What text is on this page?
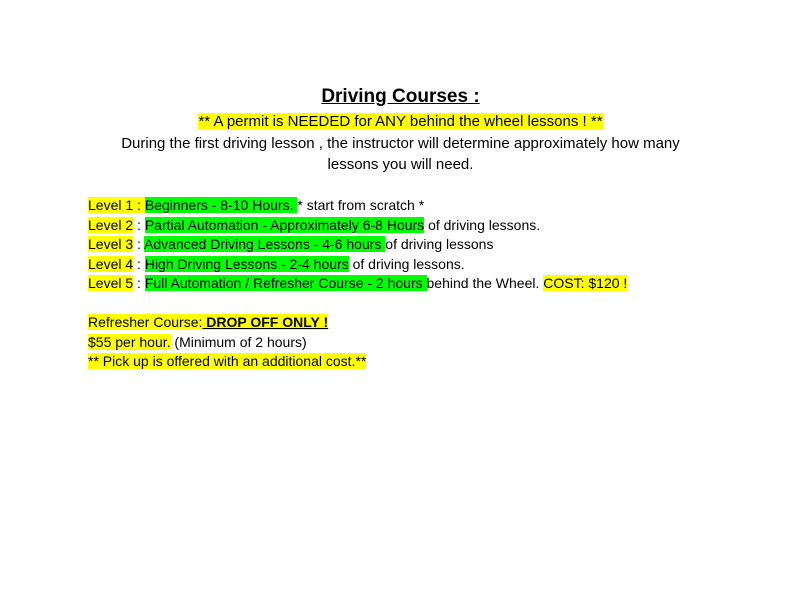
Driving Courses :
** A permit is NEEDED for ANY behind the wheel lessons ! **
During the first driving lesson , the instructor will determine approximately how many
lessons you will need.
Level 1 : Beginners - 8-10 Hours. * start from scratch *
Level 2 : Partial Automation - Approximately 6-8 Hours of driving lessons.
Level 3 : Advanced Driving Lessons - 4-6 hours of driving lessons
Level 4 : High Driving Lessons - 2-4 hours of driving lessons.
Level 5 : Full Automation / Refresher Course - 2 hours behind the Wheel. COST: $120 !
Refresher Course: DROP OFF ONLY !
$55 per hour. (Minimum of 2 hours)
** Pick up is offered with an additional cost.**
